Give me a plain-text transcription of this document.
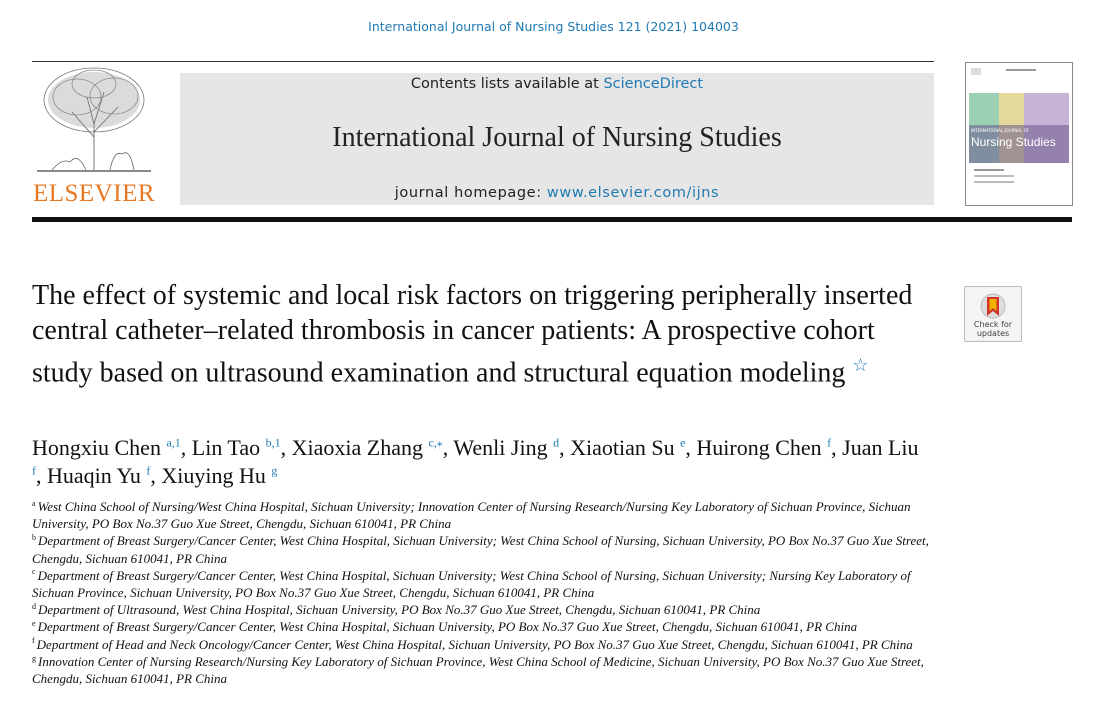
International Journal of Nursing Studies 121 (2021) 104003
ELSEVIER
Contents lists available at ScienceDirect
International Journal of Nursing Studies
journal homepage: www.elsevier.com/ijns
INTERNATIONAL JOURNAL OF
Nursing Studies
The effect of systemic and local risk factors on triggering peripherally inserted central catheter–related thrombosis in cancer patients: A prospective cohort study based on ultrasound examination and structural equation modeling ☆
Check for
updates
Hongxiu Chen $^{a,1}$, Lin Tao $^{b,1}$, Xiaoxia Zhang $^{c,⁎}$, Wenli Jing $^d$, Xiaotian Su $^e$, Huirong Chen $^f$, Juan Liu $^f$, Huaqin Yu $^f$, Xiuying Hu $^g$

$^a$ West China School of Nursing/West China Hospital, Sichuan University; Innovation Center of Nursing Research/Nursing Key Laboratory of Sichuan Province, Sichuan University, PO Box No.37 Guo Xue Street, Chengdu, Sichuan 610041, PR China

$^b$ Department of Breast Surgery/Cancer Center, West China Hospital, Sichuan University; West China School of Nursing, Sichuan University, PO Box No.37 Guo Xue Street, Chengdu, Sichuan 610041, PR China

$^c$ Department of Breast Surgery/Cancer Center, West China Hospital, Sichuan University; West China School of Nursing, Sichuan University; Nursing Key Laboratory of Sichuan Province, Sichuan University, PO Box No.37 Guo Xue Street, Chengdu, Sichuan 610041, PR China

$^d$ Department of Ultrasound, West China Hospital, Sichuan University, PO Box No.37 Guo Xue Street, Chengdu, Sichuan 610041, PR China

$^e$ Department of Breast Surgery/Cancer Center, West China Hospital, Sichuan University, PO Box No.37 Guo Xue Street, Chengdu, Sichuan 610041, PR China

$^f$ Department of Head and Neck Oncology/Cancer Center, West China Hospital, Sichuan University, PO Box No.37 Guo Xue Street, Chengdu, Sichuan 610041, PR China

$^g$ Innovation Center of Nursing Research/Nursing Key Laboratory of Sichuan Province, West China School of Medicine, Sichuan University, PO Box No.37 Guo Xue Street, Chengdu, Sichuan 610041, PR China
